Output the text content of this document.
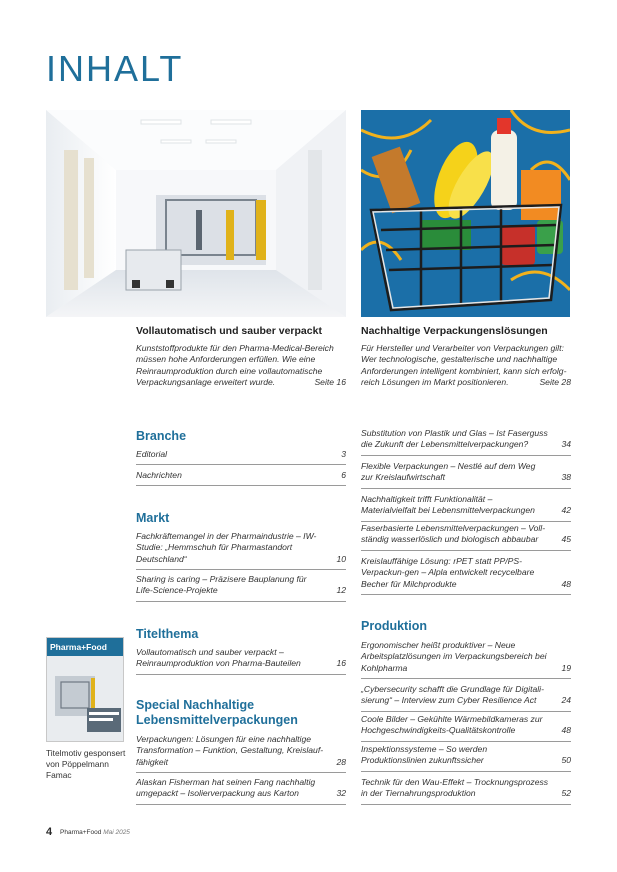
INHALT
Vollautomatisch und sauber verpackt
Kunststoffprodukte für den Pharma-Medical-Bereich müssen hohe Anforderungen erfüllen. Wie eine Reinraumproduktion durch eine vollautomatische Verpackungsanlage erweitert wurde.	Seite 16
Nachhaltige Verpackungenslösungen
Für Hersteller und Verarbeiter von Verpackungen gilt: Wer technologische, gestalterische und nachhaltige Anforderungen intelligent kombiniert, kann sich erfolgreich Lösungen im Markt positionieren.	Seite 28
Branche
Editorial	3
Nachrichten	6
Markt
Fachkräftemangel in der Pharmaindustrie – IW-Studie: „Hemmschuh für Pharmastandort Deutschland“	10
Sharing is caring – Präzisere Bauplanung für Life-Science-Projekte	12
Titelthema
Vollautomatisch und sauber verpackt – Reinraumproduktion von Pharma-Bauteilen	16
Special Nachhaltige Lebensmittelverpackungen
Verpackungen: Lösungen für eine nachhaltige Transformation – Funktion, Gestaltung, Kreislauf-fähigkeit	28
Alaskan Fisherman hat seinen Fang nachhaltig umgepackt – Isolierverpackung aus Karton	32
Substitution von Plastik und Glas – Ist Faserguss die Zukunft der Lebensmittelverpackungen?	34
Flexible Verpackungen – Nestlé auf dem Weg zur Kreislaufwirtschaft	38
Nachhaltigkeit trifft Funktionalität – Materialvielfalt bei Lebensmittelverpackungen	42
Faserbasierte Lebensmittelverpackungen – Voll-ständig wasserlöslich und biologisch abbaubar	45
Kreislauffähige Lösung: rPET statt PP/PS-Verpackun-gen – Alpla entwickelt recycelbare Becher für Milchprodukte	48
Produktion
Ergonomischer heißt produktiver – Neue Arbeitsplatzlösungen im Verpackungsbereich bei Kohlpharma	19
„Cybersecurity schafft die Grundlage für Digitali-sierung“ – Interview zum Cyber Resilience Act	24
Coole Bilder – Gekühlte Wärmebildkameras zur Hochgeschwindigkeits-Qualitätskontrolle	48
Inspektionssysteme – So werden Produktionslinien zukunftssicher	50
Technik für den Wau-Effekt – Trocknungsprozess in der Tiernahrungsproduktion	52
Pharma+Food
Titelmotiv gesponsert von Pöppelmann Famac
4 Pharma+Food Mai 2025
